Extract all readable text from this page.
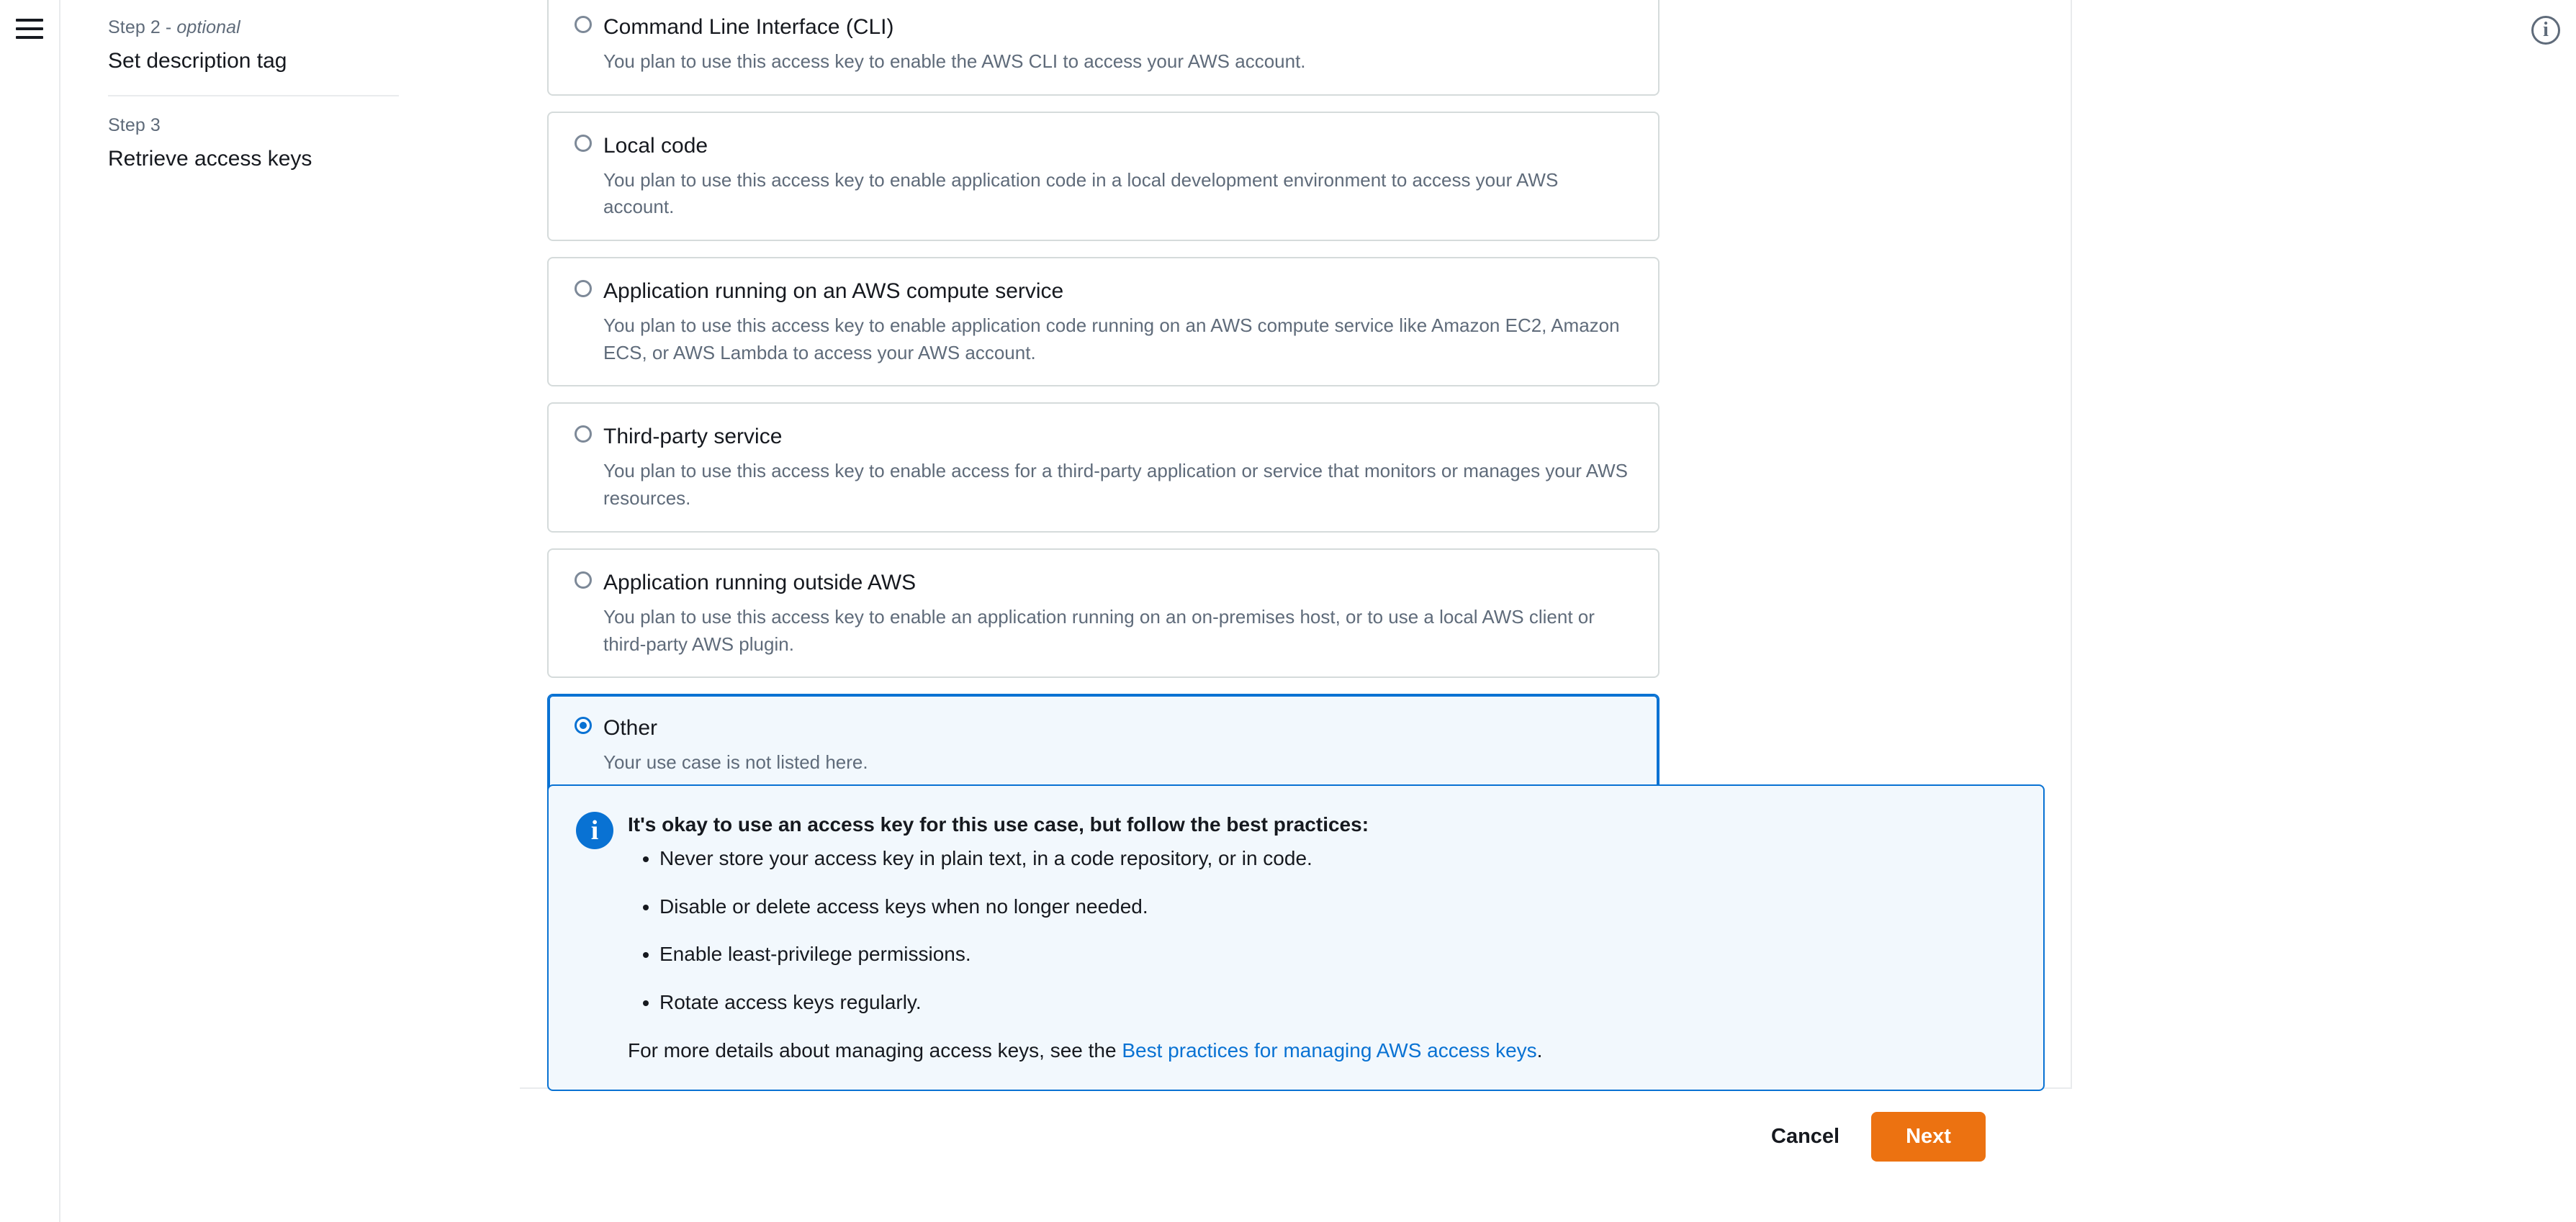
Step 2 - optional
Set description tag
Step 3
Retrieve access keys
Command Line Interface (CLI)
You plan to use this access key to enable the AWS CLI to access your AWS account.
Local code
You plan to use this access key to enable application code in a local development environment to access your AWS account.
Application running on an AWS compute service
You plan to use this access key to enable application code running on an AWS compute service like Amazon EC2, Amazon ECS, or AWS Lambda to access your AWS account.
Third-party service
You plan to use this access key to enable access for a third-party application or service that monitors or manages your AWS resources.
Application running outside AWS
You plan to use this access key to enable an application running on an on-premises host, or to use a local AWS client or third-party AWS plugin.
Other
Your use case is not listed here.
i	It's okay to use an access key for this use case, but follow the best practices:
• Never store your access key in plain text, in a code repository, or in code.
• Disable or delete access keys when no longer needed.
• Enable least-privilege permissions.
• Rotate access keys regularly.
For more details about managing access keys, see the Best practices for managing AWS access keys.
Cancel	Next
i
